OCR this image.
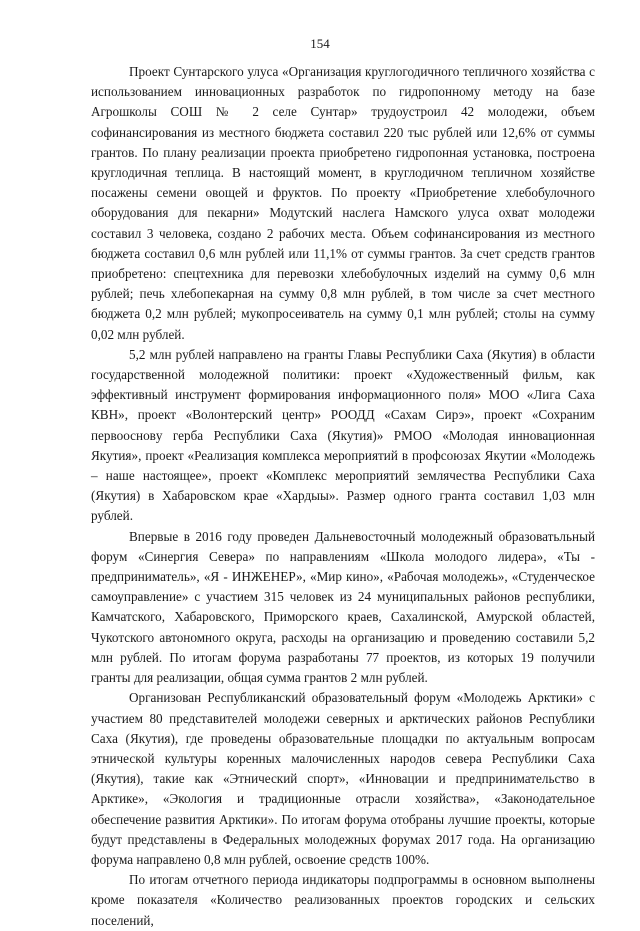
154

Проект Сунтарского улуса «Организация круглогодичного тепличного хозяйства с использованием инновационных разработок по гидропонному методу на базе Агрошколы СОШ № 2 селе Сунтар» трудоустроил 42 молодежи, объем софинансирования из местного бюджета составил 220 тыс рублей или 12,6% от суммы грантов. По плану реализации проекта приобретено гидропонная установка, построена круглодичная теплица. В настоящий момент, в круглодичном тепличном хозяйстве посажены семени овощей и фруктов. По проекту «Приобретение хлебобулочного оборудования для пекарни» Модутский наслега Намского улуса охват молодежи составил 3 человека, создано 2 рабочих места. Объем софинансирования из местного бюджета составил 0,6 млн рублей или 11,1% от суммы грантов. За счет средств грантов приобретено: спецтехника для перевозки хлебобулочных изделий на сумму 0,6 млн рублей; печь хлебопекарная на сумму 0,8 млн рублей, в том числе за счет местного бюджета 0,2 млн рублей; мукопросеиватель на сумму 0,1 млн рублей; столы на сумму 0,02 млн рублей.

5,2 млн рублей направлено на гранты Главы Республики Саха (Якутия) в области государственной молодежной политики: проект «Художественный фильм, как эффективный инструмент формирования информационного поля» МОО «Лига Саха КВН», проект «Волонтерский центр» РООДД «Сахам Сирэ», проект «Сохраним первоосновy герба Республики Саха (Якутия)» РМОО «Молодая инновационная Якутия», проект «Реализация комплекса мероприятий в профсоюзах Якутии «Молодежь – наше настоящее», проект «Комплекс мероприятий землячества Республики Саха (Якутия) в Хабаровском крае «Хардыы». Размер одного гранта составил 1,03 млн рублей.

Впервые в 2016 году проведен Дальневосточный молодежный образоватьльный форум «Синергия Севера» по направлениям «Школа молодого лидера», «Ты - предприниматель», «Я - ИНЖЕНЕР», «Мир кино», «Рабочая молодежь», «Студенческое самоуправление» с участием 315 человек из 24 муниципальных районов республики, Камчатского, Хабаровского, Приморского краев, Сахалинской, Амурской областей, Чукотского автономного округа, расходы на организацию и проведению составили 5,2 млн рублей. По итогам форума разработаны 77 проектов, из которых 19 получили гранты для реализации, общая сумма грантов 2 млн рублей.

Организован Республиканский образовательный форум «Молодежь Арктики» с участием 80 представителей молодежи северных и арктических районов Республики Саха (Якутия), где проведены образовательные площадки по актуальным вопросам этнической культуры коренных малочисленных народов севера Республики Саха (Якутия), такие как «Этнический спорт», «Инновации и предпринимательство в Арктике», «Экология и традиционные отрасли хозяйства», «Законодательное обеспечение развития Арктики». По итогам форума отобраны лучшие проекты, которые будут представлены в Федеральных молодежных форумах 2017 года. На организацию форума направлено 0,8 млн рублей, освоение средств 100%.

По итогам отчетного периода индикаторы подпрограммы в основном выполнены кроме показателя «Количество реализованных проектов городских и сельских поселений,
